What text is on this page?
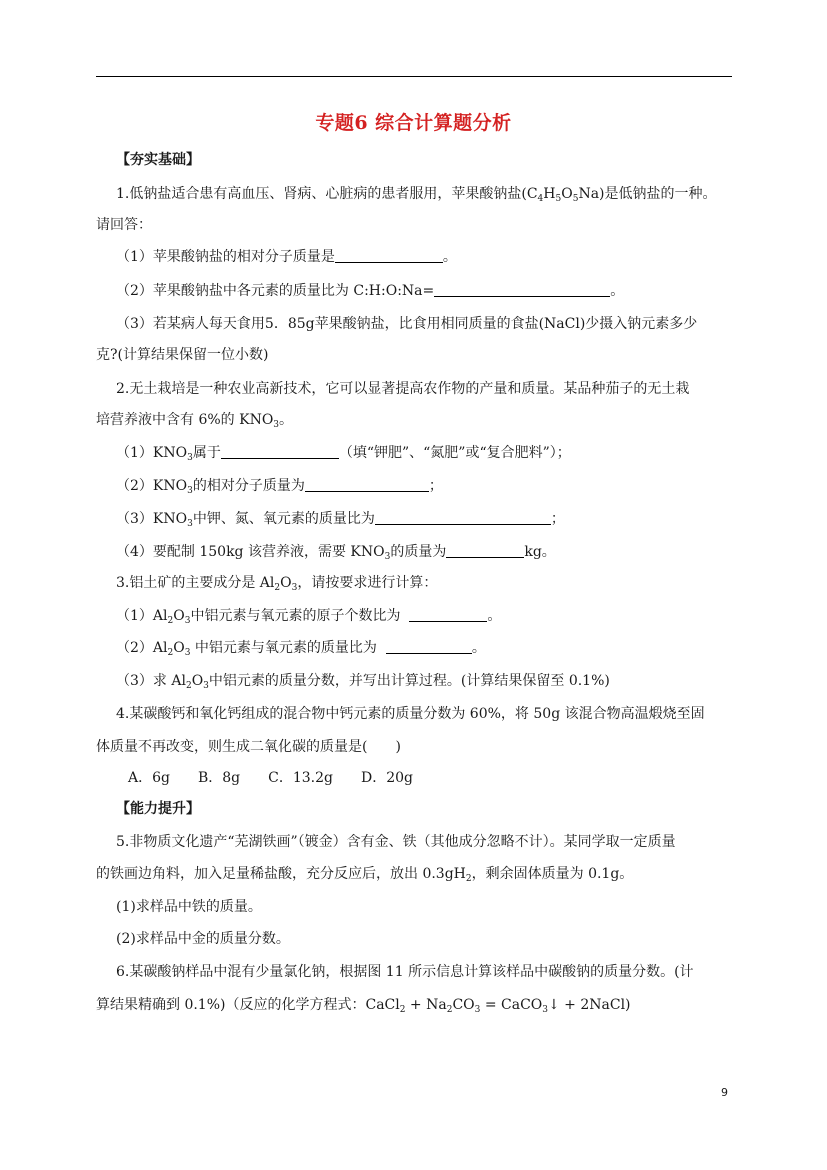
专题6 综合计算题分析
【夯实基础】
1.低钠盐适合患有高血压、肾病、心脏病的患者服用，苹果酸钠盐$(C_4H_5O_5Na)$是低钠盐的一种。
请回答：
（1）苹果酸钠盐的相对分子质量是	。
（2）苹果酸钠盐中各元素的质量比为 C:H:O:Na=	。
（3）若某病人每天食用5．85g苹果酸钠盐，比食用相同质量的食盐(NaCl)少摄入钠元素多少
克?(计算结果保留一位小数)
2.无土栽培是一种农业高新技术，它可以显著提高农作物的产量和质量。某品种茄子的无土栽
培营养液中含有 6%的 $KNO_3$。
$(1)KNO_3$属于	（填“钾肥”、“氮肥”或“复合肥料”）；
$(2)KNO_3$的相对分子质量为	；
$(3)KNO_3$中钾、氮、氧元素的质量比为	；
（4）要配制 150kg 该营养液，需要 $KNO_3$的质量为	kg。
3.铝土矿的主要成分是 $Al_2O_3$，请按要求进行计算：
$(1)Al_2O_3$中铝元素与氧元素的原子个数比为	。
$(2)Al_2O_3$ 中铝元素与氧元素的质量比为	。
（3）求 $Al_2O_3$中铝元素的质量分数，并写出计算过程。(计算结果保留至 0.1%)
4.某碳酸钙和氧化钙组成的混合物中钙元素的质量分数为 60%，将 50g 该混合物高温煅烧至固
体质量不再改变，则生成二氧化碳的质量是(　　)
A．6g　　B．8g　　C．13.2g　　D．20g
【能力提升】
5.非物质文化遗产“芜湖铁画”（镀金）含有金、铁（其他成分忽略不计）。某同学取一定质量
的铁画边角料，加入足量稀盐酸，充分反应后，放出 $0.3gH_2$，剩余固体质量为 0.1g。
(1)求样品中铁的质量。
(2)求样品中金的质量分数。
6.某碳酸钠样品中混有少量氯化钠，根据图 11 所示信息计算该样品中碳酸钠的质量分数。(计
算结果精确到 0.1%)（反应的化学方程式：CaCl$_2$ + $Na_2CO_3$ = CaCO$_3$↓ + 2NaCl)
9
